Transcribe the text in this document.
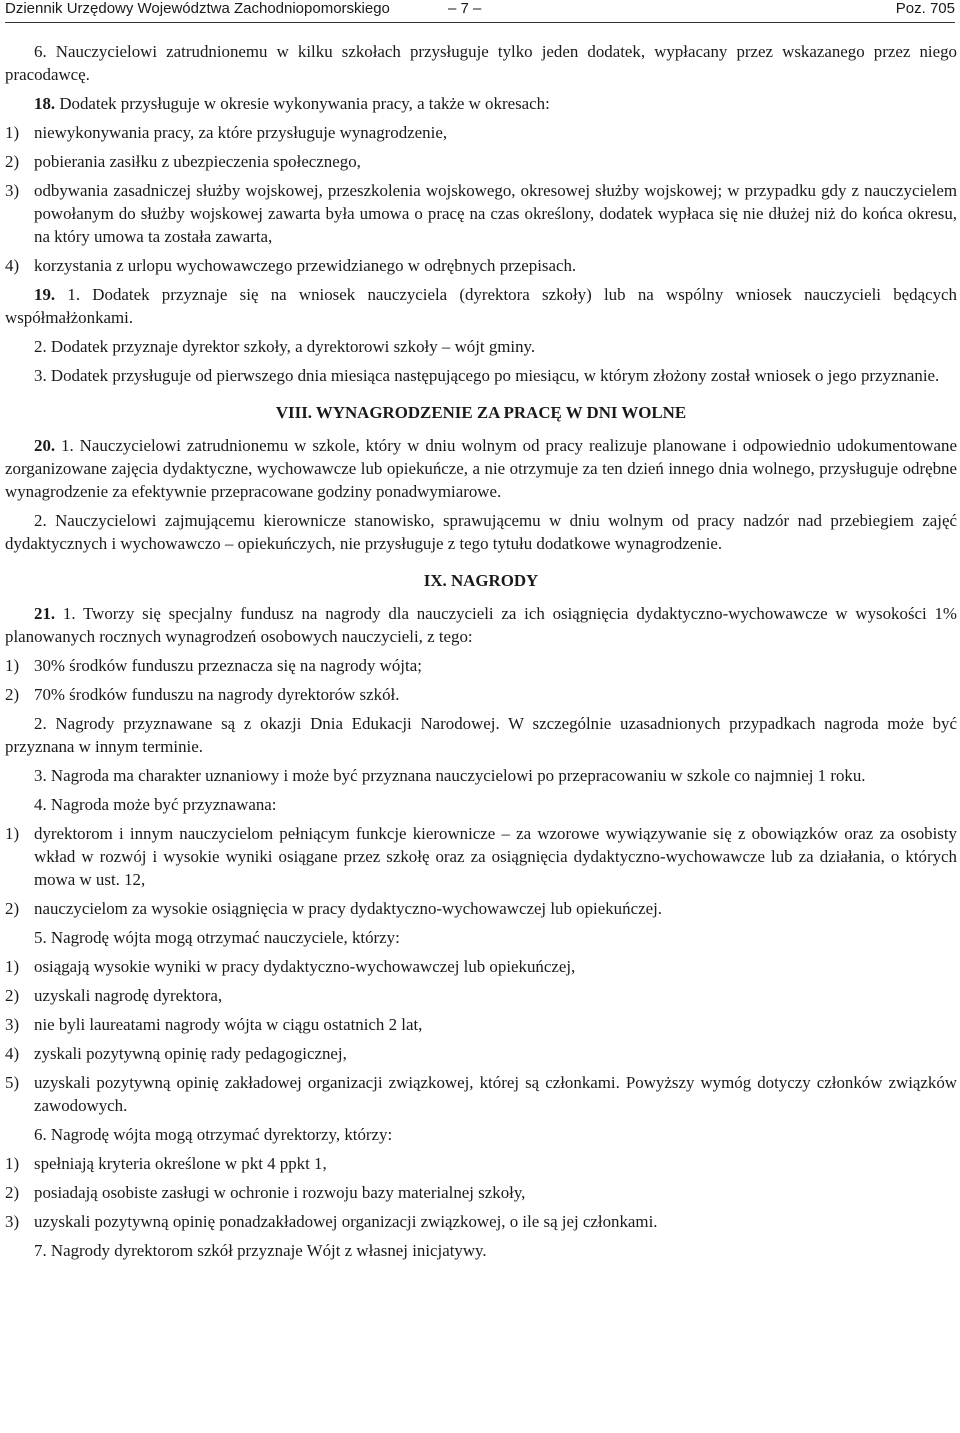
Dziennik Urzędowy Województwa Zachodniopomorskiego	– 7 –	Poz. 705

6. Nauczycielowi zatrudnionemu w kilku szkołach przysługuje tylko jeden dodatek, wypłacany przez wskazanego przez niego pracodawcę.

18. Dodatek przysługuje w okresie wykonywania pracy, a także w okresach:

1) niewykonywania pracy, za które przysługuje wynagrodzenie,

2) pobierania zasiłku z ubezpieczenia społecznego,

3) odbywania zasadniczej służby wojskowej, przeszkolenia wojskowego, okresowej służby wojskowej; w przypadku gdy z nauczycielem powołanym do służby wojskowej zawarta była umowa o pracę na czas określony, dodatek wypłaca się nie dłużej niż do końca okresu, na który umowa ta została zawarta,

4) korzystania z urlopu wychowawczego przewidzianego w odrębnych przepisach.

19. 1. Dodatek przyznaje się na wniosek nauczyciela (dyrektora szkoły) lub na wspólny wniosek nauczycieli będących współmałżonkami.

2. Dodatek przyznaje dyrektor szkoły, a dyrektorowi szkoły – wójt gminy.

3. Dodatek przysługuje od pierwszego dnia miesiąca następującego po miesiącu, w którym złożony został wniosek o jego przyznanie.

VIII. WYNAGRODZENIE ZA PRACĘ W DNI WOLNE

20. 1. Nauczycielowi zatrudnionemu w szkole, który w dniu wolnym od pracy realizuje planowane i odpowiednio udokumentowane zorganizowane zajęcia dydaktyczne, wychowawcze lub opiekuńcze, a nie otrzymuje za ten dzień innego dnia wolnego, przysługuje odrębne wynagrodzenie za efektywnie przepracowane godziny ponadwymiarowe.

2. Nauczycielowi zajmującemu kierownicze stanowisko, sprawującemu w dniu wolnym od pracy nadzór nad przebiegiem zajęć dydaktycznych i wychowawczo – opiekuńczych, nie przysługuje z tego tytułu dodatkowe wynagrodzenie.

IX. NAGRODY

21. 1. Tworzy się specjalny fundusz na nagrody dla nauczycieli za ich osiągnięcia dydaktyczno-wychowawcze w wysokości 1% planowanych rocznych wynagrodzeń osobowych nauczycieli, z tego:

1) 30% środków funduszu przeznacza się na nagrody wójta;

2) 70% środków funduszu na nagrody dyrektorów szkół.

2. Nagrody przyznawane są z okazji Dnia Edukacji Narodowej. W szczególnie uzasadnionych przypadkach nagroda może być przyznana w innym terminie.

3. Nagroda ma charakter uznaniowy i może być przyznana nauczycielowi po przepracowaniu w szkole co najmniej 1 roku.

4. Nagroda może być przyznawana:

1) dyrektorom i innym nauczycielom pełniącym funkcje kierownicze – za wzorowe wywiązywanie się z obowiązków oraz za osobisty wkład w rozwój i wysokie wyniki osiągane przez szkołę oraz za osiągnięcia dydaktyczno-wychowawcze lub za działania, o których mowa w ust. 12,

2) nauczycielom za wysokie osiągnięcia w pracy dydaktyczno-wychowawczej lub opiekuńczej.

5. Nagrodę wójta mogą otrzymać nauczyciele, którzy:

1) osiągają wysokie wyniki w pracy dydaktyczno-wychowawczej lub opiekuńczej,

2) uzyskali nagrodę dyrektora,

3) nie byli laureatami nagrody wójta w ciągu ostatnich 2 lat,

4) zyskali pozytywną opinię rady pedagogicznej,

5) uzyskali pozytywną opinię zakładowej organizacji związkowej, której są członkami. Powyższy wymóg dotyczy członków związków zawodowych.

6. Nagrodę wójta mogą otrzymać dyrektorzy, którzy:

1) spełniają kryteria określone w pkt 4 ppkt 1,

2) posiadają osobiste zasługi w ochronie i rozwoju bazy materialnej szkoły,

3) uzyskali pozytywną opinię ponadzakładowej organizacji związkowej, o ile są jej członkami.

7. Nagrody dyrektorom szkół przyznaje Wójt z własnej inicjatywy.
